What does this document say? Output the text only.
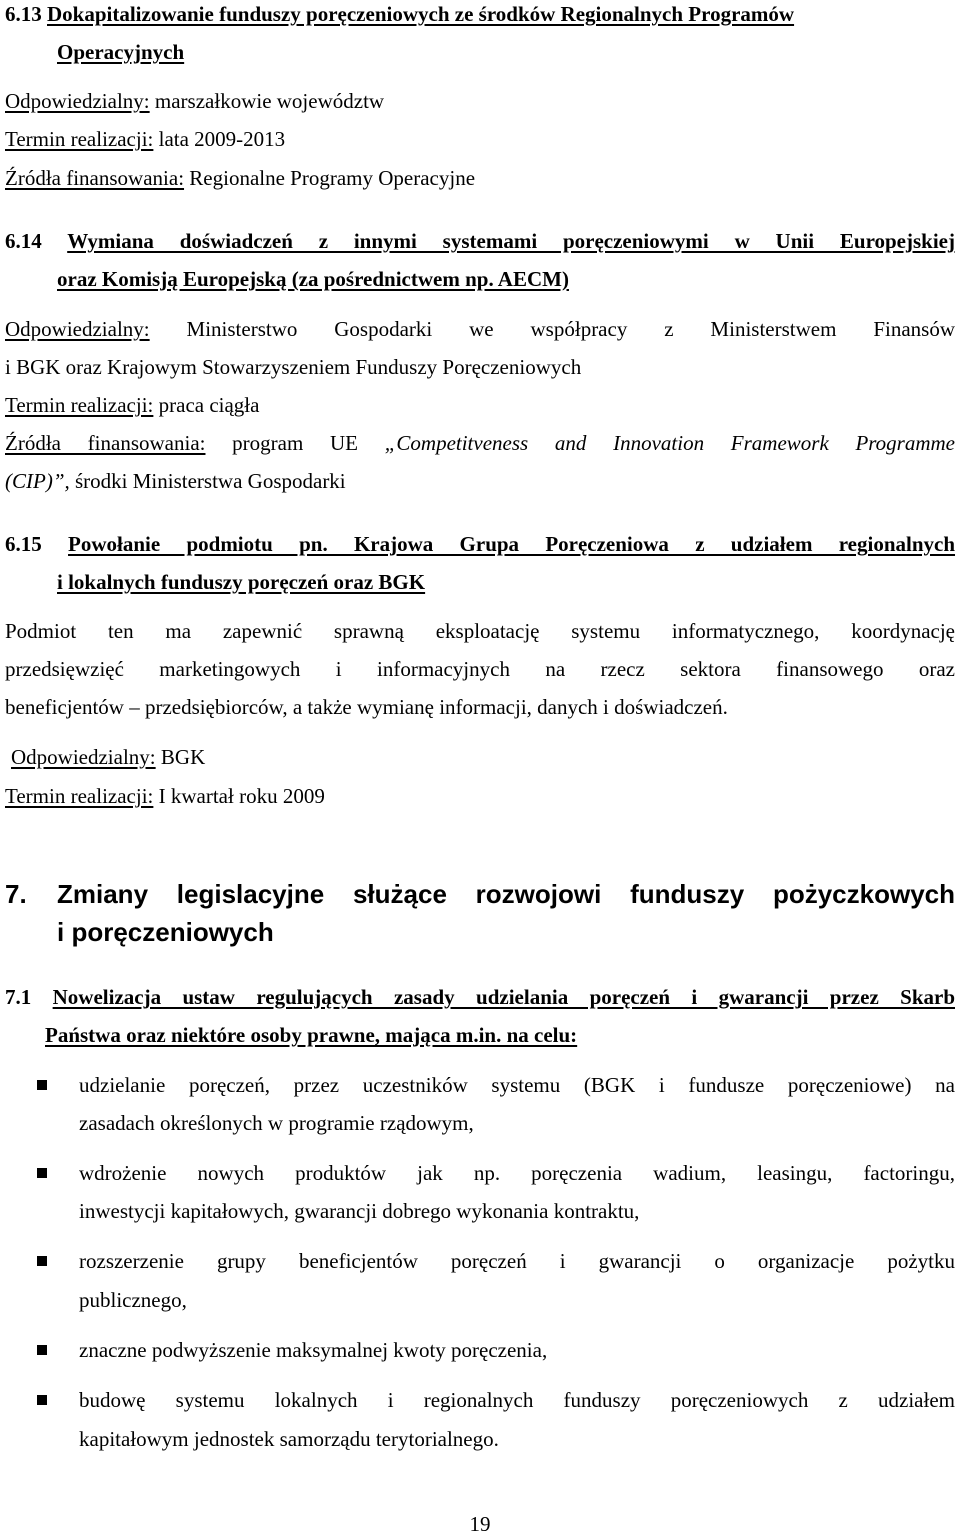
6.13 Dokapitalizowanie funduszy poręczeniowych ze środków Regionalnych Programów
Operacyjnych
Odpowiedzialny: marszałkowie województw
Termin realizacji: lata 2009-2013
Źródła finansowania: Regionalne Programy Operacyjne
6.14 Wymiana doświadczeń z innymi systemami poręczeniowymi w Unii Europejskiej
oraz Komisją Europejską (za pośrednictwem np. AECM)
Odpowiedzialny: Ministerstwo Gospodarki we współpracy z Ministerstwem Finansów
i BGK oraz Krajowym Stowarzyszeniem Funduszy Poręczeniowych
Termin realizacji: praca ciągła
Źródła finansowania: program UE „Competitveness and Innovation Framework Programme
(CIP)”, środki Ministerstwa Gospodarki
6.15 Powołanie podmiotu pn. Krajowa Grupa Poręczeniowa z udziałem regionalnych
i lokalnych funduszy poręczeń oraz BGK
Podmiot ten ma zapewnić sprawną eksploatację systemu informatycznego, koordynację
przedsięwzięć marketingowych i informacyjnych na rzecz sektora finansowego oraz
beneficjentów – przedsiębiorców, a także wymianę informacji, danych i doświadczeń.
Odpowiedzialny: BGK
Termin realizacji: I kwartał roku 2009
7. Zmiany legislacyjne służące rozwojowi funduszy pożyczkowych
i poręczeniowych
7.1 Nowelizacja ustaw regulujących zasady udzielania poręczeń i gwarancji przez Skarb
Państwa oraz niektóre osoby prawne, mająca m.in. na celu:
udzielanie poręczeń, przez uczestników systemu (BGK i fundusze poręczeniowe) na
zasadach określonych w programie rządowym,
wdrożenie nowych produktów jak np. poręczenia wadium, leasingu, factoringu,
inwestycji kapitałowych, gwarancji dobrego wykonania kontraktu,
rozszerzenie grupy beneficjentów poręczeń i gwarancji o organizacje pożytku
publicznego,
znaczne podwyższenie maksymalnej kwoty poręczenia,
budowę systemu lokalnych i regionalnych funduszy poręczeniowych z udziałem
kapitałowym jednostek samorządu terytorialnego.
19
